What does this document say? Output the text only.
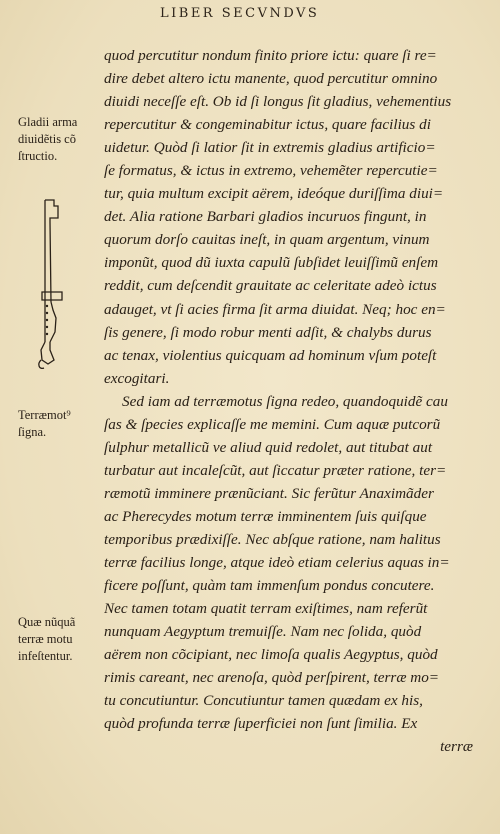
LIBER SECVNDVS
Gladii arma
diuidẽtis cõ
ſtructio.
Terræmot⁹
ſigna.
Quæ nũquã
terræ motu
infeſtentur.
quod percutitur nondum finito priore ictu: quare ſi re=
dire debet altero ictu manente, quod percutitur omnino
diuidi neceſſe eſt. Ob id ſi longus ſit gladius, vehementius
repercutitur & congeminabitur ictus, quare facilius di
uidetur. Quòd ſi latior ſit in extremis gladius artificio=
ſe formatus, & ictus in extremo, vehemẽter repercutie=
tur, quia multum excipit aërem, ideóque duriſſima diui=
det. Alia ratione Barbari gladios incuruos fingunt, in
quorum dorſo cauitas ineſt, in quam argentum, vinum
imponũt, quod dũ iuxta capulũ ſubſidet leuiſſimũ enſem
reddit, cum deſcendit grauitate ac celeritate adeò ictus
adauget, vt ſi acies firma ſit arma diuidat. Neq; hoc en=
ſis genere, ſi modo robur menti adſit, & chalybs durus
ac tenax, violentius quicquam ad hominum vſum poteſt
excogitari.
Sed iam ad terræmotus ſigna redeo, quandoquidẽ cau
ſas & ſpecies explicaſſe me memini. Cum aquæ putcorũ
ſulphur metallicũ ve aliud quid redolet, aut titubat aut
turbatur aut incaleſcũt, aut ſiccatur præter ratione, ter=
ræmotũ imminere prænũciant. Sic ferũtur Anaximãder
ac Pherecydes motum terræ imminentem ſuis quiſque
temporibus prædixiſſe. Nec abſque ratione, nam halitus
terræ facilius longe, atque ideò etiam celerius aquas in=
ficere poſſunt, quàm tam immenſum pondus concutere.
Nec tamen totam quatit terram exiſtimes, nam referũt
nunquam Aegyptum tremuiſſe. Nam nec ſolida, quòd
aërem non cõcipiant, nec limoſa qualis Aegyptus, quòd
rimis careant, nec arenoſa, quòd perſpirent, terræ mo=
tu concutiuntur. Concutiuntur tamen quædam ex his,
quòd profunda terræ ſuperficiei non ſunt ſimilia. Ex
terræ
